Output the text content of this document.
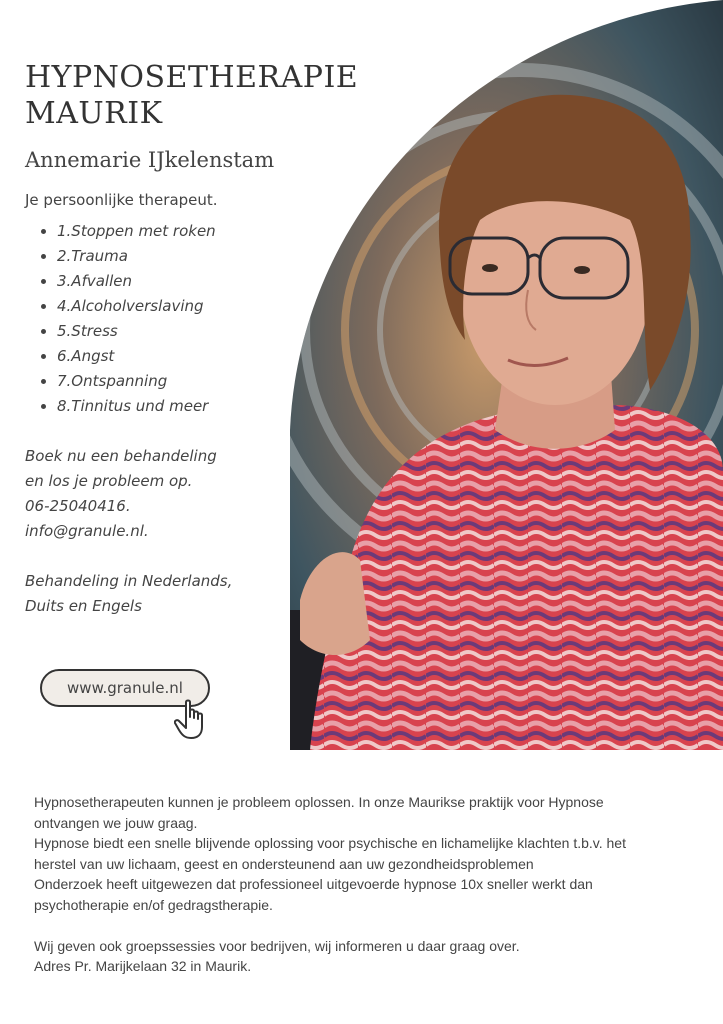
HYPNOSETHERAPIE
MAURIK
Annemarie IJkelenstam
Je persoonlijke therapeut.
• 1.Stoppen met roken
• 2.Trauma
• 3.Afvallen
• 4.Alcoholverslaving
• 5.Stress
• 6.Angst
• 7.Ontspanning
• 8.Tinnitus und meer
Boek nu een behandeling
en los je probleem op.
06-25040416.
info@granule.nl.
Behandeling in Nederlands,
Duits en Engels
www.granule.nl
Hypnosetherapeuten kunnen je probleem oplossen. In onze Maurikse praktijk voor Hypnose
ontvangen we jouw graag.
Hypnose biedt een snelle blijvende oplossing voor psychische en lichamelijke klachten t.b.v. het
herstel van uw lichaam, geest en ondersteunend aan uw gezondheidsproblemen
Onderzoek heeft uitgewezen dat professioneel uitgevoerde hypnose 10x sneller werkt dan
psychotherapie en/of gedragstherapie.
Wij geven ook groepssessies voor bedrijven, wij informeren u daar graag over.
Adres Pr. Marijkelaan 32 in Maurik.
